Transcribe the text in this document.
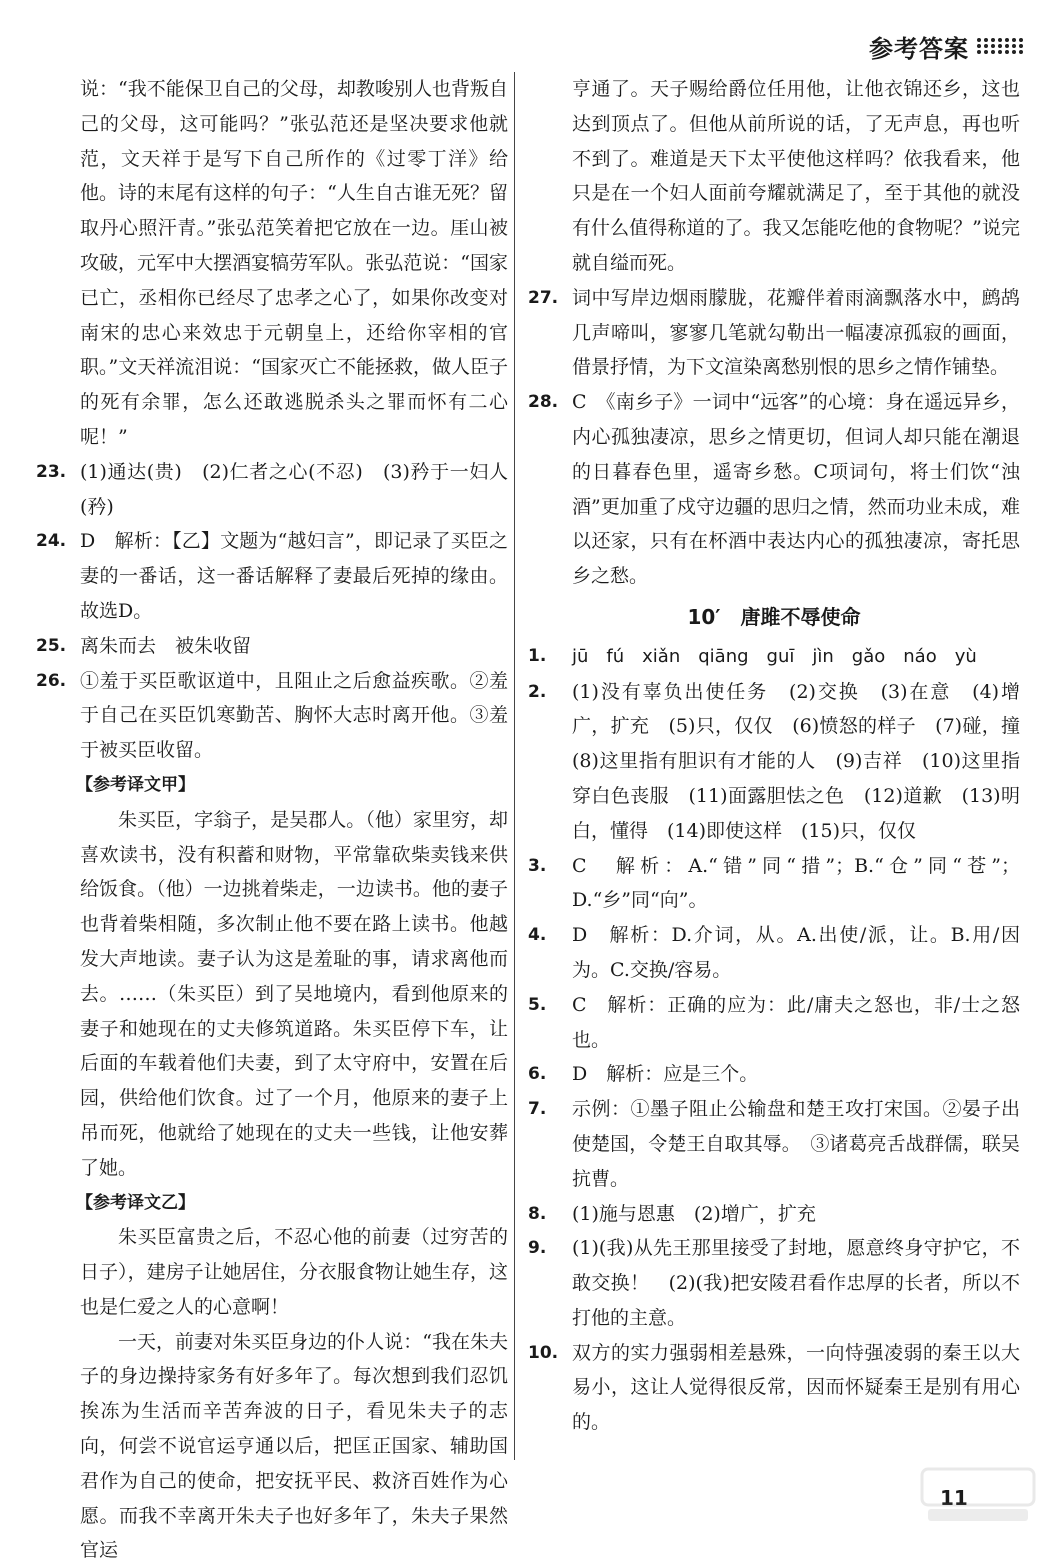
参考答案

说：“我不能保卫自己的父母，却教唆别人也背叛自己的父母，这可能吗？”张弘范还是坚决要求他就范，文天祥于是写下自己所作的《过零丁洋》给他。诗的末尾有这样的句子：“人生自古谁无死？留取丹心照汗青。”张弘范笑着把它放在一边。厓山被攻破，元军中大摆酒宴犒劳军队。张弘范说：“国家已亡，丞相你已经尽了忠孝之心了，如果你改变对南宋的忠心来效忠于元朝皇上，还给你宰相的官职。”文天祥流泪说：“国家灭亡不能拯救，做人臣子的死有余罪，怎么还敢逃脱杀头之罪而怀有二心呢！”

23. (1)通达(贵)　(2)仁者之心(不忍)　(3)矜于一妇人(矜)
24. D　解析：【乙】文题为“越妇言”，即记录了买臣之妻的一番话，这一番话解释了妻最后死掉的缘由。故选D。
25. 离朱而去　被朱收留
26. ①羞于买臣歌讴道中，且阻止之后愈益疾歌。②羞于自己在买臣饥寒勤苦、胸怀大志时离开他。③羞于被买臣收留。

【参考译文甲】

朱买臣，字翁子，是吴郡人。（他）家里穷，却喜欢读书，没有积蓄和财物，平常靠砍柴卖钱来供给饭食。（他）一边挑着柴走，一边读书。他的妻子也背着柴相随，多次制止他不要在路上读书。他越发大声地读。妻子认为这是羞耻的事，请求离他而去。……（朱买臣）到了吴地境内，看到他原来的妻子和她现在的丈夫修筑道路。朱买臣停下车，让后面的车载着他们夫妻，到了太守府中，安置在后园，供给他们饮食。过了一个月，他原来的妻子上吊而死，他就给了她现在的丈夫一些钱，让他安葬了她。

【参考译文乙】

朱买臣富贵之后，不忍心他的前妻（过穷苦的日子），建房子让她居住，分衣服食物让她生存，这也是仁爱之人的心意啊！

一天，前妻对朱买臣身边的仆人说：“我在朱夫子的身边操持家务有好多年了。每次想到我们忍饥挨冻为生活而辛苦奔波的日子，看见朱夫子的志向，何尝不说官运亨通以后，把匡正国家、辅助国君作为自己的使命，把安抚平民、救济百姓作为心愿。而我不幸离开朱夫子也好多年了，朱夫子果然官运

亨通了。天子赐给爵位任用他，让他衣锦还乡，这也达到顶点了。但他从前所说的话，了无声息，再也听不到了。难道是天下太平使他这样吗？依我看来，他只是在一个妇人面前夸耀就满足了，至于其他的就没有什么值得称道的了。我又怎能吃他的食物呢？”说完就自缢而死。

27. 词中写岸边烟雨朦胧，花瓣伴着雨滴飘落水中，鹧鸪几声啼叫，寥寥几笔就勾勒出一幅凄凉孤寂的画面，借景抒情，为下文渲染离愁别恨的思乡之情作铺垫。
28. C　《南乡子》一词中“远客”的心境：身在遥远异乡，内心孤独凄凉，思乡之情更切，但词人却只能在潮退的日暮春色里，遥寄乡愁。C项词句，将士们饮“浊酒”更加重了戍守边疆的思归之情，然而功业未成，难以还家，只有在杯酒中表达内心的孤独凄凉，寄托思乡之愁。
10′　唐雎不辱使命
1. jū　fú　xiǎn　qiāng　guī　jìn　gǎo　náo　yù
2. (1)没有辜负出使任务　(2)交换　(3)在意　(4)增广，扩充　(5)只，仅仅　(6)愤怒的样子　(7)碰，撞　(8)这里指有胆识有才能的人　(9)吉祥　(10)这里指穿白色丧服　(11)面露胆怯之色　(12)道歉　(13)明白，懂得　(14)即使这样　(15)只，仅仅
3. C　解析：A.“错”同“措”；B.“仓”同“苍”；D.“乡”同“向”。
4. D　解析：D.介词，从。A.出使/派，让。B.用/因为。C.交换/容易。
5. C　解析：正确的应为：此/庸夫之怒也，非/士之怒也。
6. D　解析：应是三个。
7. 示例：①墨子阻止公输盘和楚王攻打宋国。②晏子出使楚国，令楚王自取其辱。　③诸葛亮舌战群儒，联吴抗曹。
8. (1)施与恩惠　(2)增广，扩充
9. (1)(我)从先王那里接受了封地，愿意终身守护它，不敢交换！　(2)(我)把安陵君看作忠厚的长者，所以不打他的主意。
10. 双方的实力强弱相差悬殊，一向恃强凌弱的秦王以大易小，这让人觉得很反常，因而怀疑秦王是别有用心的。
11
